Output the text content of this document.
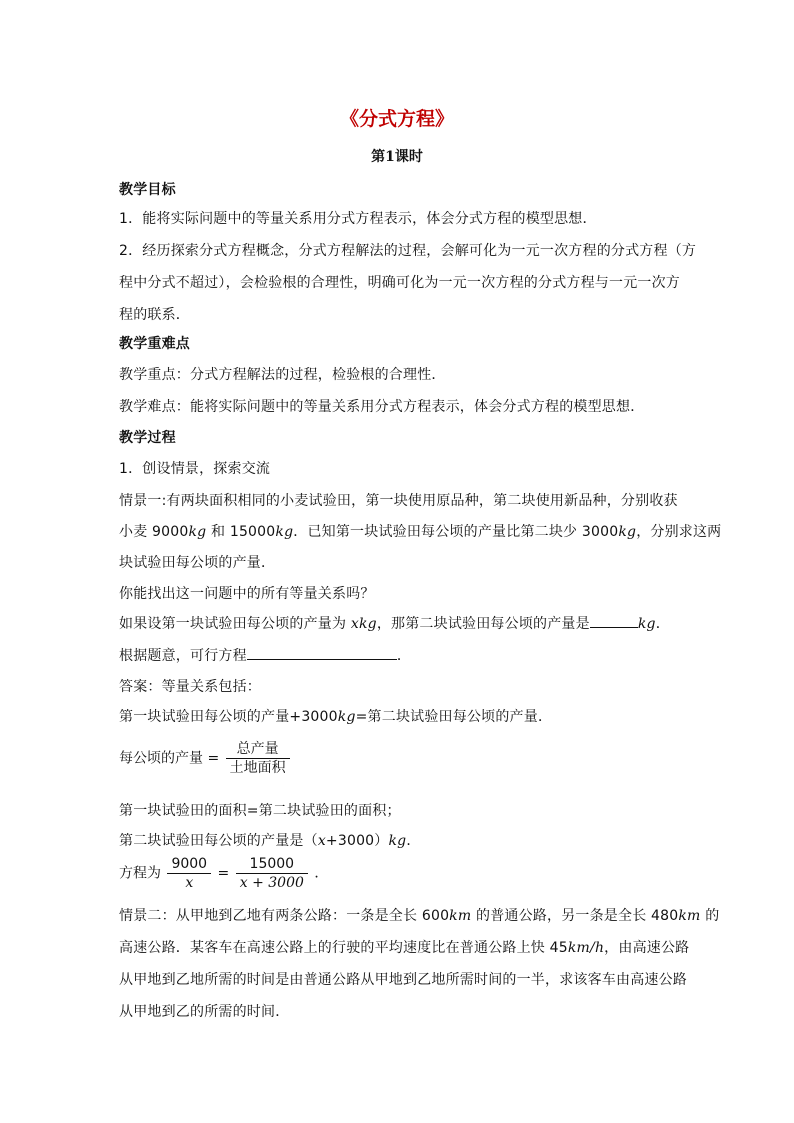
《分式方程》
第1课时
教学目标
1．能将实际问题中的等量关系用分式方程表示，体会分式方程的模型思想．
2．经历探索分式方程概念，分式方程解法的过程，会解可化为一元一次方程的分式方程（方
程中分式不超过），会检验根的合理性，明确可化为一元一次方程的分式方程与一元一次方
程的联系．
教学重难点
教学重点：分式方程解法的过程，检验根的合理性．
教学难点：能将实际问题中的等量关系用分式方程表示，体会分式方程的模型思想．
教学过程
1．创设情景，探索交流
情景一:有两块面积相同的小麦试验田，第一块使用原品种，第二块使用新品种，分别收获
小麦 9000kg 和 15000kg．已知第一块试验田每公顷的产量比第二块少 3000kg，分别求这两
块试验田每公顷的产量．
你能找出这一问题中的所有等量关系吗？
如果设第一块试验田每公顷的产量为 xkg，那第二块试验田每公顷的产量是	kg．
根据题意，可行方程	．
答案：等量关系包括：
第一块试验田每公顷的产量+3000kg=第二块试验田每公顷的产量．
每公顷的产量 = $\frac{\text{总产量}}{\text{土地面积}}$
第一块试验田的面积=第二块试验田的面积；
第二块试验田每公顷的产量是（x+3000）kg．
方程为 $\frac{9000}{x} = \frac{15000}{x + 3000}$ ．
情景二：从甲地到乙地有两条公路：一条是全长 600km 的普通公路，另一条是全长 480km 的
高速公路．某客车在高速公路上的行驶的平均速度比在普通公路上快 45km/h，由高速公路
从甲地到乙地所需的时间是由普通公路从甲地到乙地所需时间的一半，求该客车由高速公路
从甲地到乙的所需的时间．
